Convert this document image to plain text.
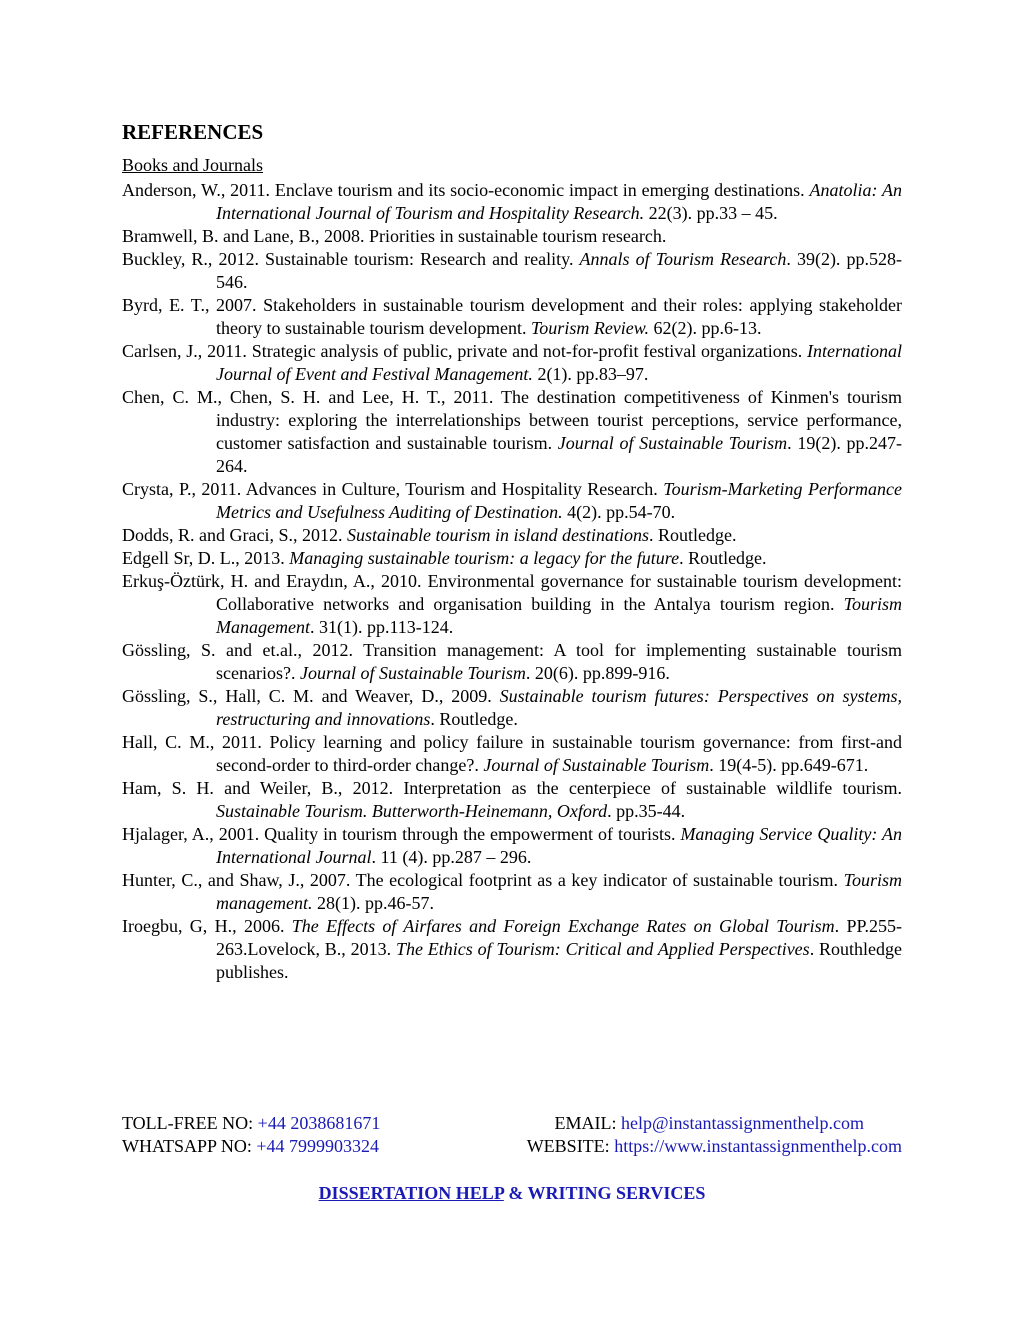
REFERENCES
Books and Journals
Anderson, W., 2011. Enclave tourism and its socio-economic impact in emerging destinations. Anatolia: An International Journal of Tourism and Hospitality Research. 22(3). pp.33 – 45.
Bramwell, B. and Lane, B., 2008. Priorities in sustainable tourism research.
Buckley, R., 2012. Sustainable tourism: Research and reality. Annals of Tourism Research. 39(2). pp.528-546.
Byrd, E. T., 2007. Stakeholders in sustainable tourism development and their roles: applying stakeholder theory to sustainable tourism development. Tourism Review. 62(2). pp.6-13.
Carlsen, J., 2011. Strategic analysis of public, private and not-for-profit festival organizations. International Journal of Event and Festival Management. 2(1). pp.83–97.
Chen, C. M., Chen, S. H. and Lee, H. T., 2011. The destination competitiveness of Kinmen's tourism industry: exploring the interrelationships between tourist perceptions, service performance, customer satisfaction and sustainable tourism. Journal of Sustainable Tourism. 19(2). pp.247-264.
Crysta, P., 2011. Advances in Culture, Tourism and Hospitality Research. Tourism-Marketing Performance Metrics and Usefulness Auditing of Destination. 4(2). pp.54-70.
Dodds, R. and Graci, S., 2012. Sustainable tourism in island destinations. Routledge.
Edgell Sr, D. L., 2013. Managing sustainable tourism: a legacy for the future. Routledge.
Erkuş-Öztürk, H. and Eraydın, A., 2010. Environmental governance for sustainable tourism development: Collaborative networks and organisation building in the Antalya tourism region. Tourism Management. 31(1). pp.113-124.
Gössling, S. and et.al., 2012. Transition management: A tool for implementing sustainable tourism scenarios?. Journal of Sustainable Tourism. 20(6). pp.899-916.
Gössling, S., Hall, C. M. and Weaver, D., 2009. Sustainable tourism futures: Perspectives on systems, restructuring and innovations. Routledge.
Hall, C. M., 2011. Policy learning and policy failure in sustainable tourism governance: from first-and second-order to third-order change?. Journal of Sustainable Tourism. 19(4-5). pp.649-671.
Ham, S. H. and Weiler, B., 2012. Interpretation as the centerpiece of sustainable wildlife tourism. Sustainable Tourism. Butterworth-Heinemann, Oxford. pp.35-44.
Hjalager, A., 2001. Quality in tourism through the empowerment of tourists. Managing Service Quality: An International Journal. 11 (4). pp.287 – 296.
Hunter, C., and Shaw, J., 2007. The ecological footprint as a key indicator of sustainable tourism. Tourism management. 28(1). pp.46-57.
Iroegbu, G, H., 2006. The Effects of Airfares and Foreign Exchange Rates on Global Tourism. PP.255-263.Lovelock, B., 2013. The Ethics of Tourism: Critical and Applied Perspectives. Routhledge publishes.
TOLL-FREE NO: +44 2038681671	EMAIL: help@instantassignmenthelp.com
WHATSAPP NO: +44 7999903324	WEBSITE: https://www.instantassignmenthelp.com
DISSERTATION HELP & WRITING SERVICES
